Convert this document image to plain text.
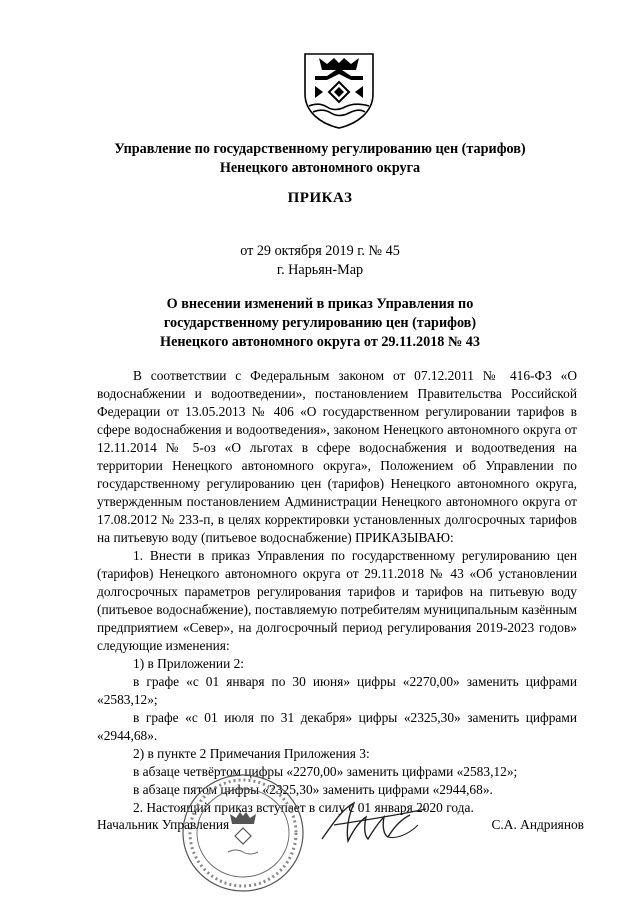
Управление по государственному регулированию цен (тарифов)
Ненецкого автономного округа
ПРИКАЗ
от 29 октября 2019 г. № 45
г. Нарьян-Мар
О внесении изменений в приказ Управления по
государственному регулированию цен (тарифов)
Ненецкого автономного округа от 29.11.2018 № 43

В соответствии с Федеральным законом от 07.12.2011 № 416-ФЗ «О водоснабжении и водоотведении», постановлением Правительства Российской Федерации от 13.05.2013 № 406 «О государственном регулировании тарифов в сфере водоснабжения и водоотведения», законом Ненецкого автономного округа от 12.11.2014 № 5-оз «О льготах в сфере водоснабжения и водоотведения на территории Ненецкого автономного округа», Положением об Управлении по государственному регулированию цен (тарифов) Ненецкого автономного округа, утвержденным постановлением Администрации Ненецкого автономного округа от 17.08.2012 № 233-п, в целях корректировки установленных долгосрочных тарифов на питьевую воду (питьевое водоснабжение) ПРИКАЗЫВАЮ:

1. Внести в приказ Управления по государственному регулированию цен (тарифов) Ненецкого автономного округа от 29.11.2018 № 43 «Об установлении долгосрочных параметров регулирования тарифов и тарифов на питьевую воду (питьевое водоснабжение), поставляемую потребителям муниципальным казённым предприятием «Север», на долгосрочный период регулирования 2019-2023 годов» следующие изменения:

1) в Приложении 2:

в графе «с 01 января по 30 июня» цифры «2270,00» заменить цифрами «2583,12»;

в графе «с 01 июля по 31 декабря» цифры «2325,30» заменить цифрами «2944,68».

2) в пункте 2 Примечания Приложения 3:

в абзаце четвёртом цифры «2270,00» заменить цифрами «2583,12»;

в абзаце пятом цифры «2325,30» заменить цифрами «2944,68».

2. Настоящий приказ вступает в силу с 01 января 2020 года.

Начальник Управления	С.А. Андриянов
